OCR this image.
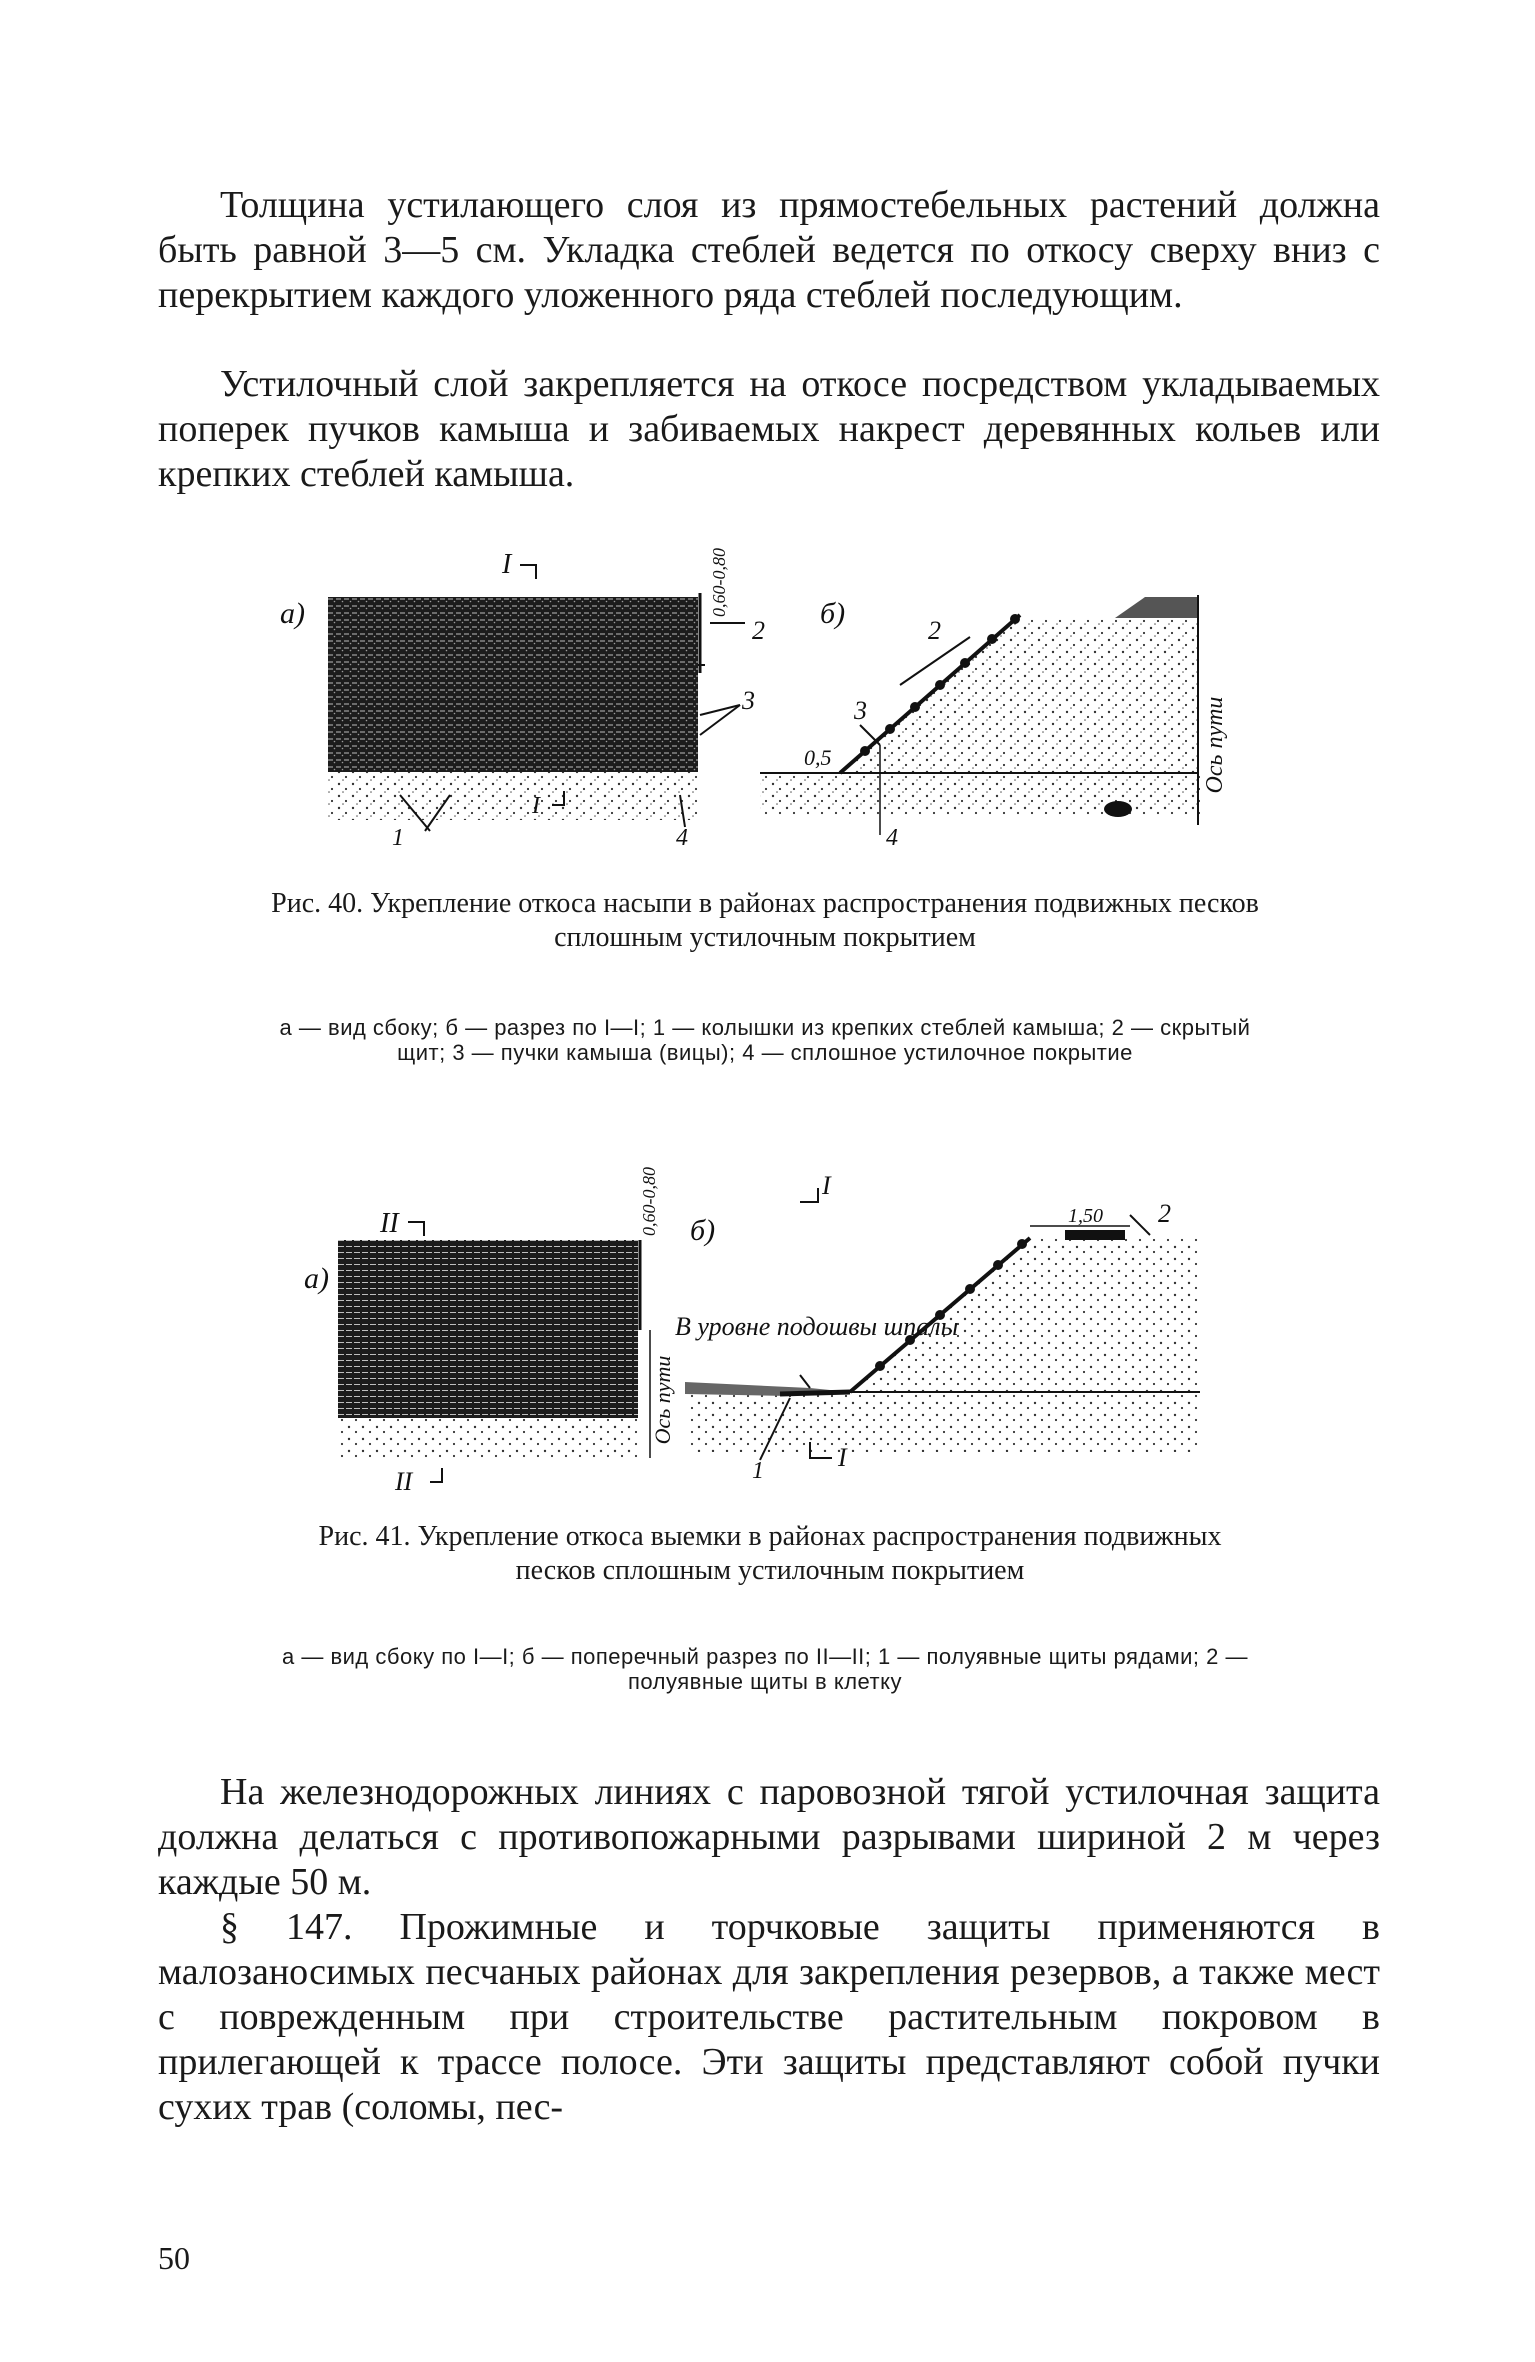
Толщина устилающего слоя из прямостебельных растений должна быть равной 3—5 см. Укладка стеблей ведется по откосу сверху вниз с перекрытием каждого уложенного ряда стеблей последующим.

Устилочный слой закрепляется на откосе посредством укладываемых поперек пучков камыша и забиваемых накрест деревянных кольев или крепких стеблей камыша.

а)
I
I
0,60-0,80
2
3
1	4
б)
2
3
0,5
4
Ось пути

Рис. 40. Укрепление откоса насыпи в районах распространения подвижных песков сплошным устилочным покрытием

а — вид сбоку; б — разрез по I—I; 1 — колышки из крепких стеблей камыша; 2 — скрытый щит; 3 — пучки камыша (вицы); 4 — сплошное устилочное покрытие

а)
II
II
0,60-0,80
Ось пути
б)
I
I
В уровне подошвы шпалы
1,50 2
1

Рис. 41. Укрепление откоса выемки в районах распространения подвижных песков сплошным устилочным покрытием

а — вид сбоку по I—I; б — поперечный разрез по II—II; 1 — полуявные щиты рядами; 2 — полуявные щиты в клетку

На железнодорожных линиях с паровозной тягой устилочная защита должна делаться с противопожарными разрывами шириной 2 м через каждые 50 м.

§ 147. Прожимные и торчковые защиты применяются в малозаносимых песчаных районах для закрепления резервов, а также мест с поврежденным при строительстве растительным покровом в прилегающей к трассе полосе. Эти защиты представляют собой пучки сухих трав (соломы, пес-

50
